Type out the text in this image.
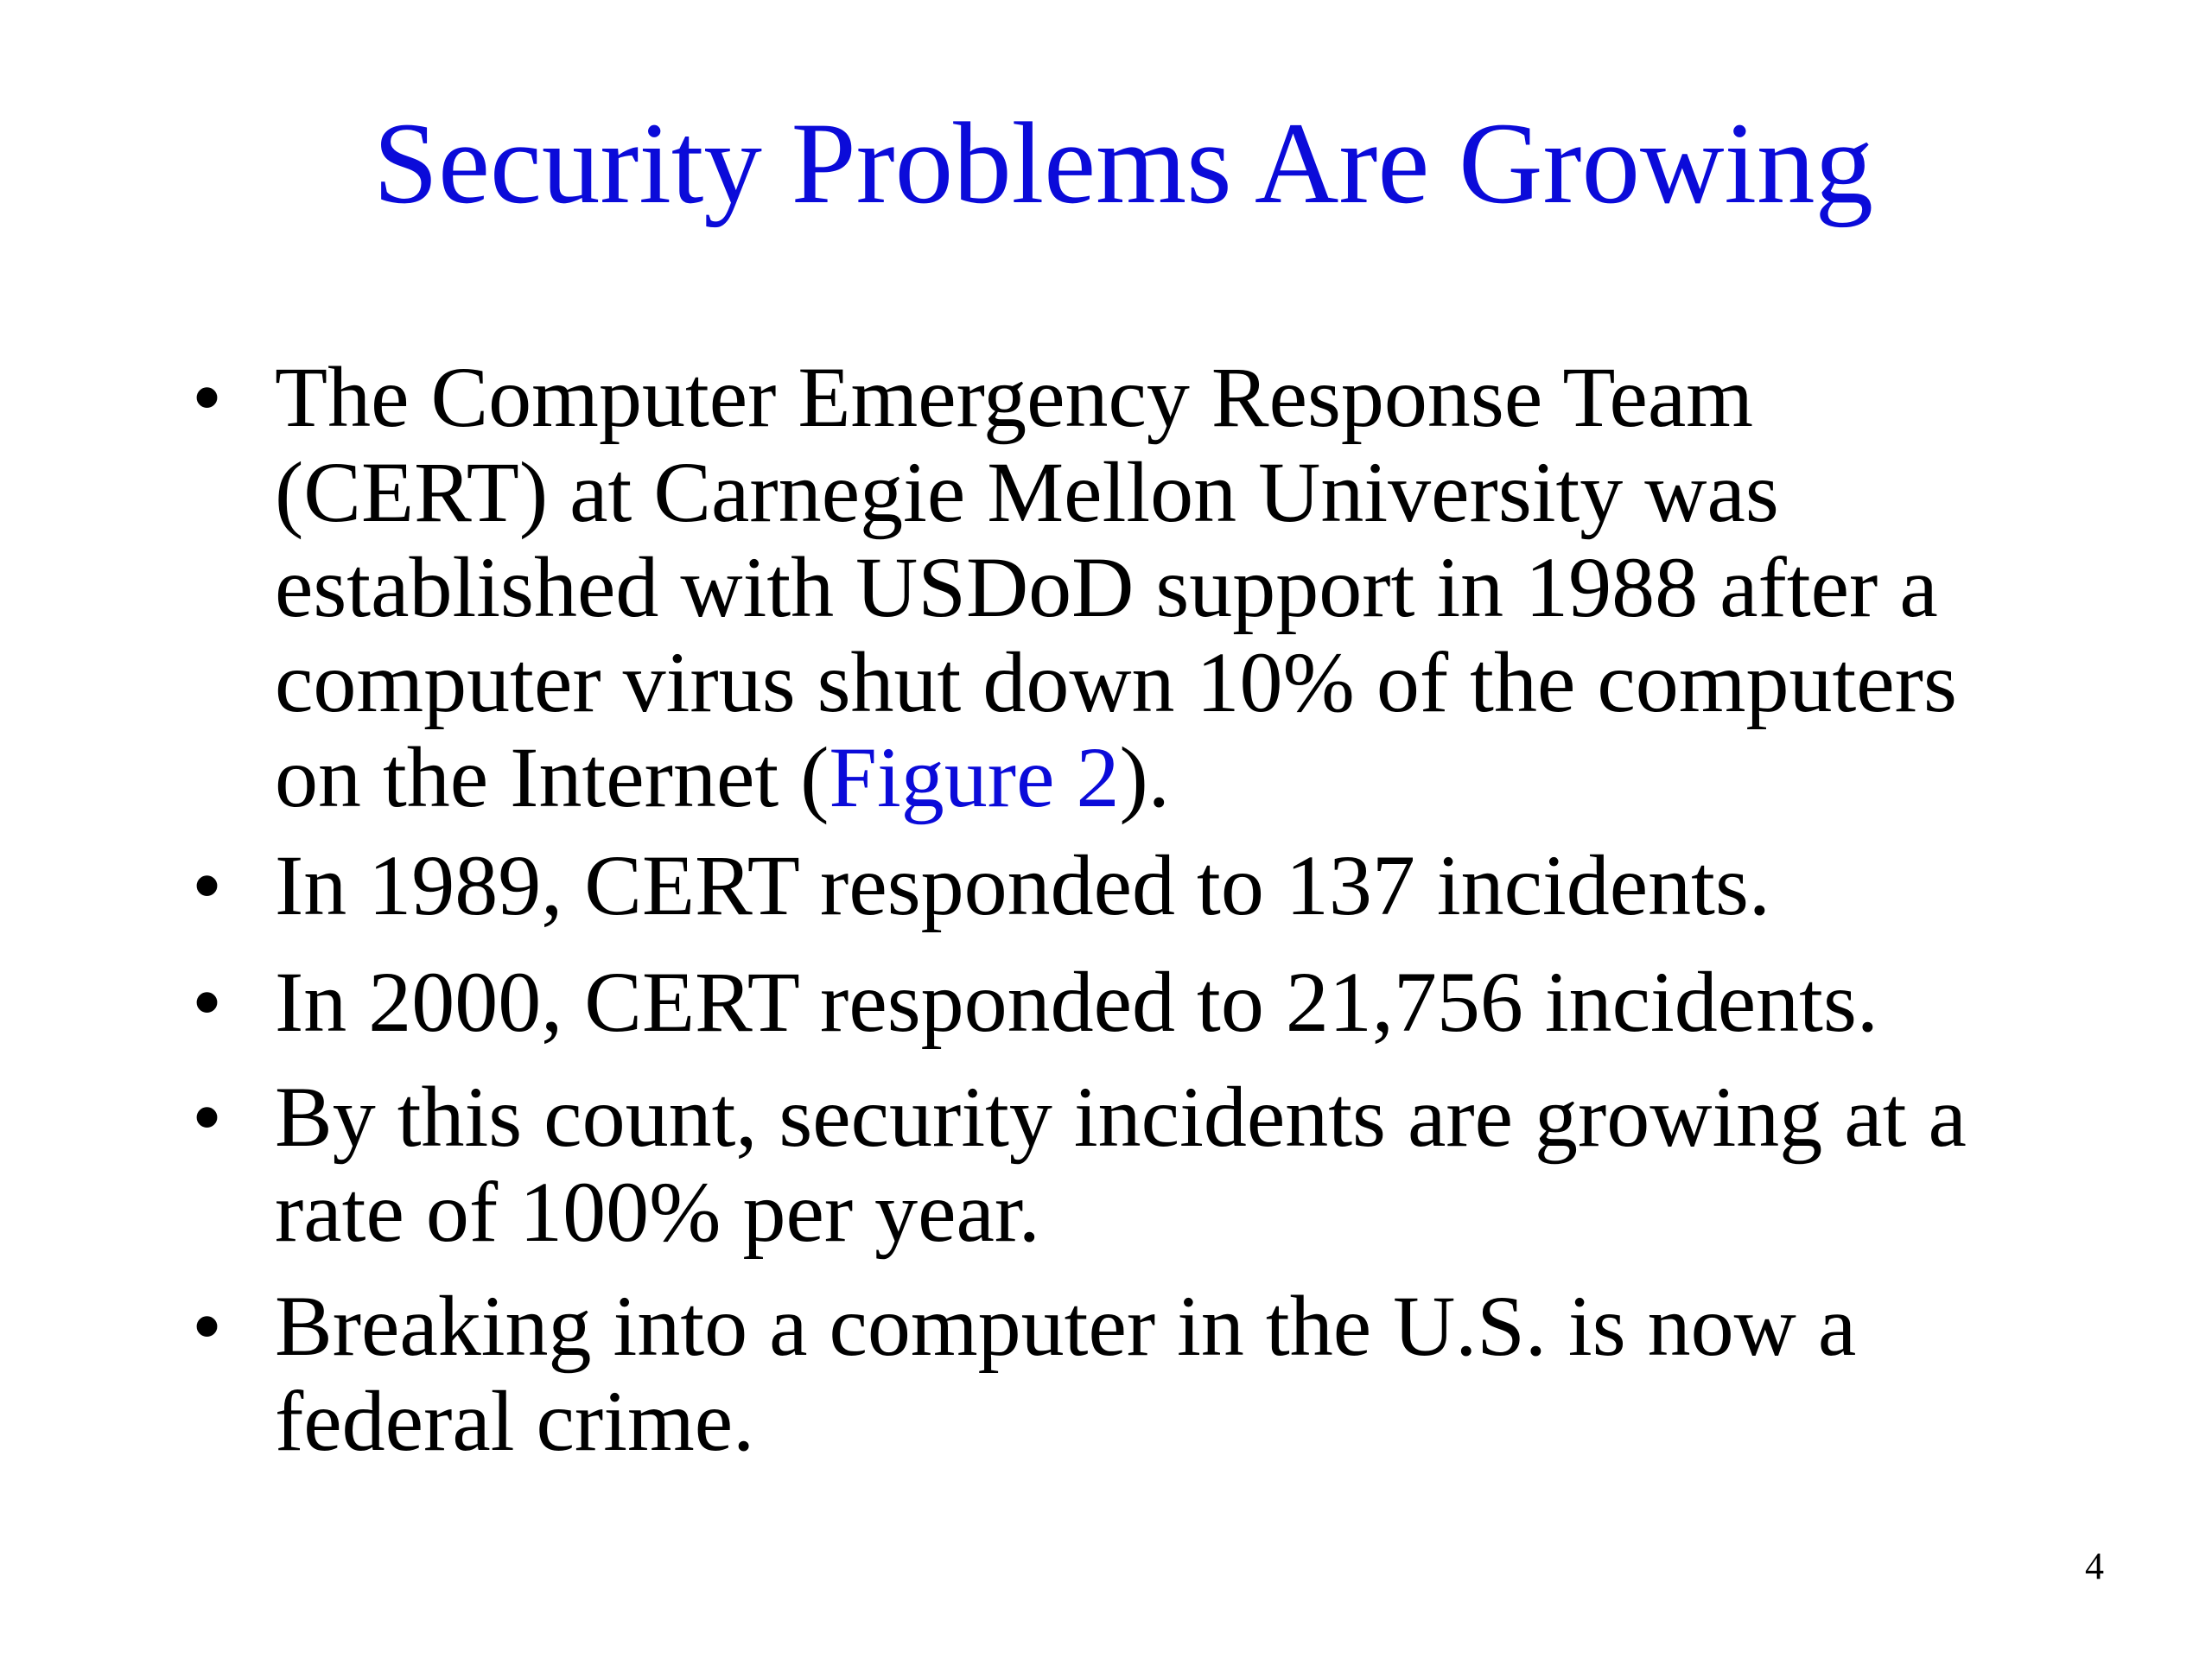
Security Problems Are Growing
• The Computer Emergency Response Team
(CERT) at Carnegie Mellon University was
established with USDoD support in 1988 after a
computer virus shut down 10% of the computers
on the Internet (Figure 2).
• In 1989, CERT responded to 137 incidents.
• In 2000, CERT responded to 21,756 incidents.
• By this count, security incidents are growing at a
rate of 100% per year.
• Breaking into a computer in the U.S. is now a
federal crime.
4
